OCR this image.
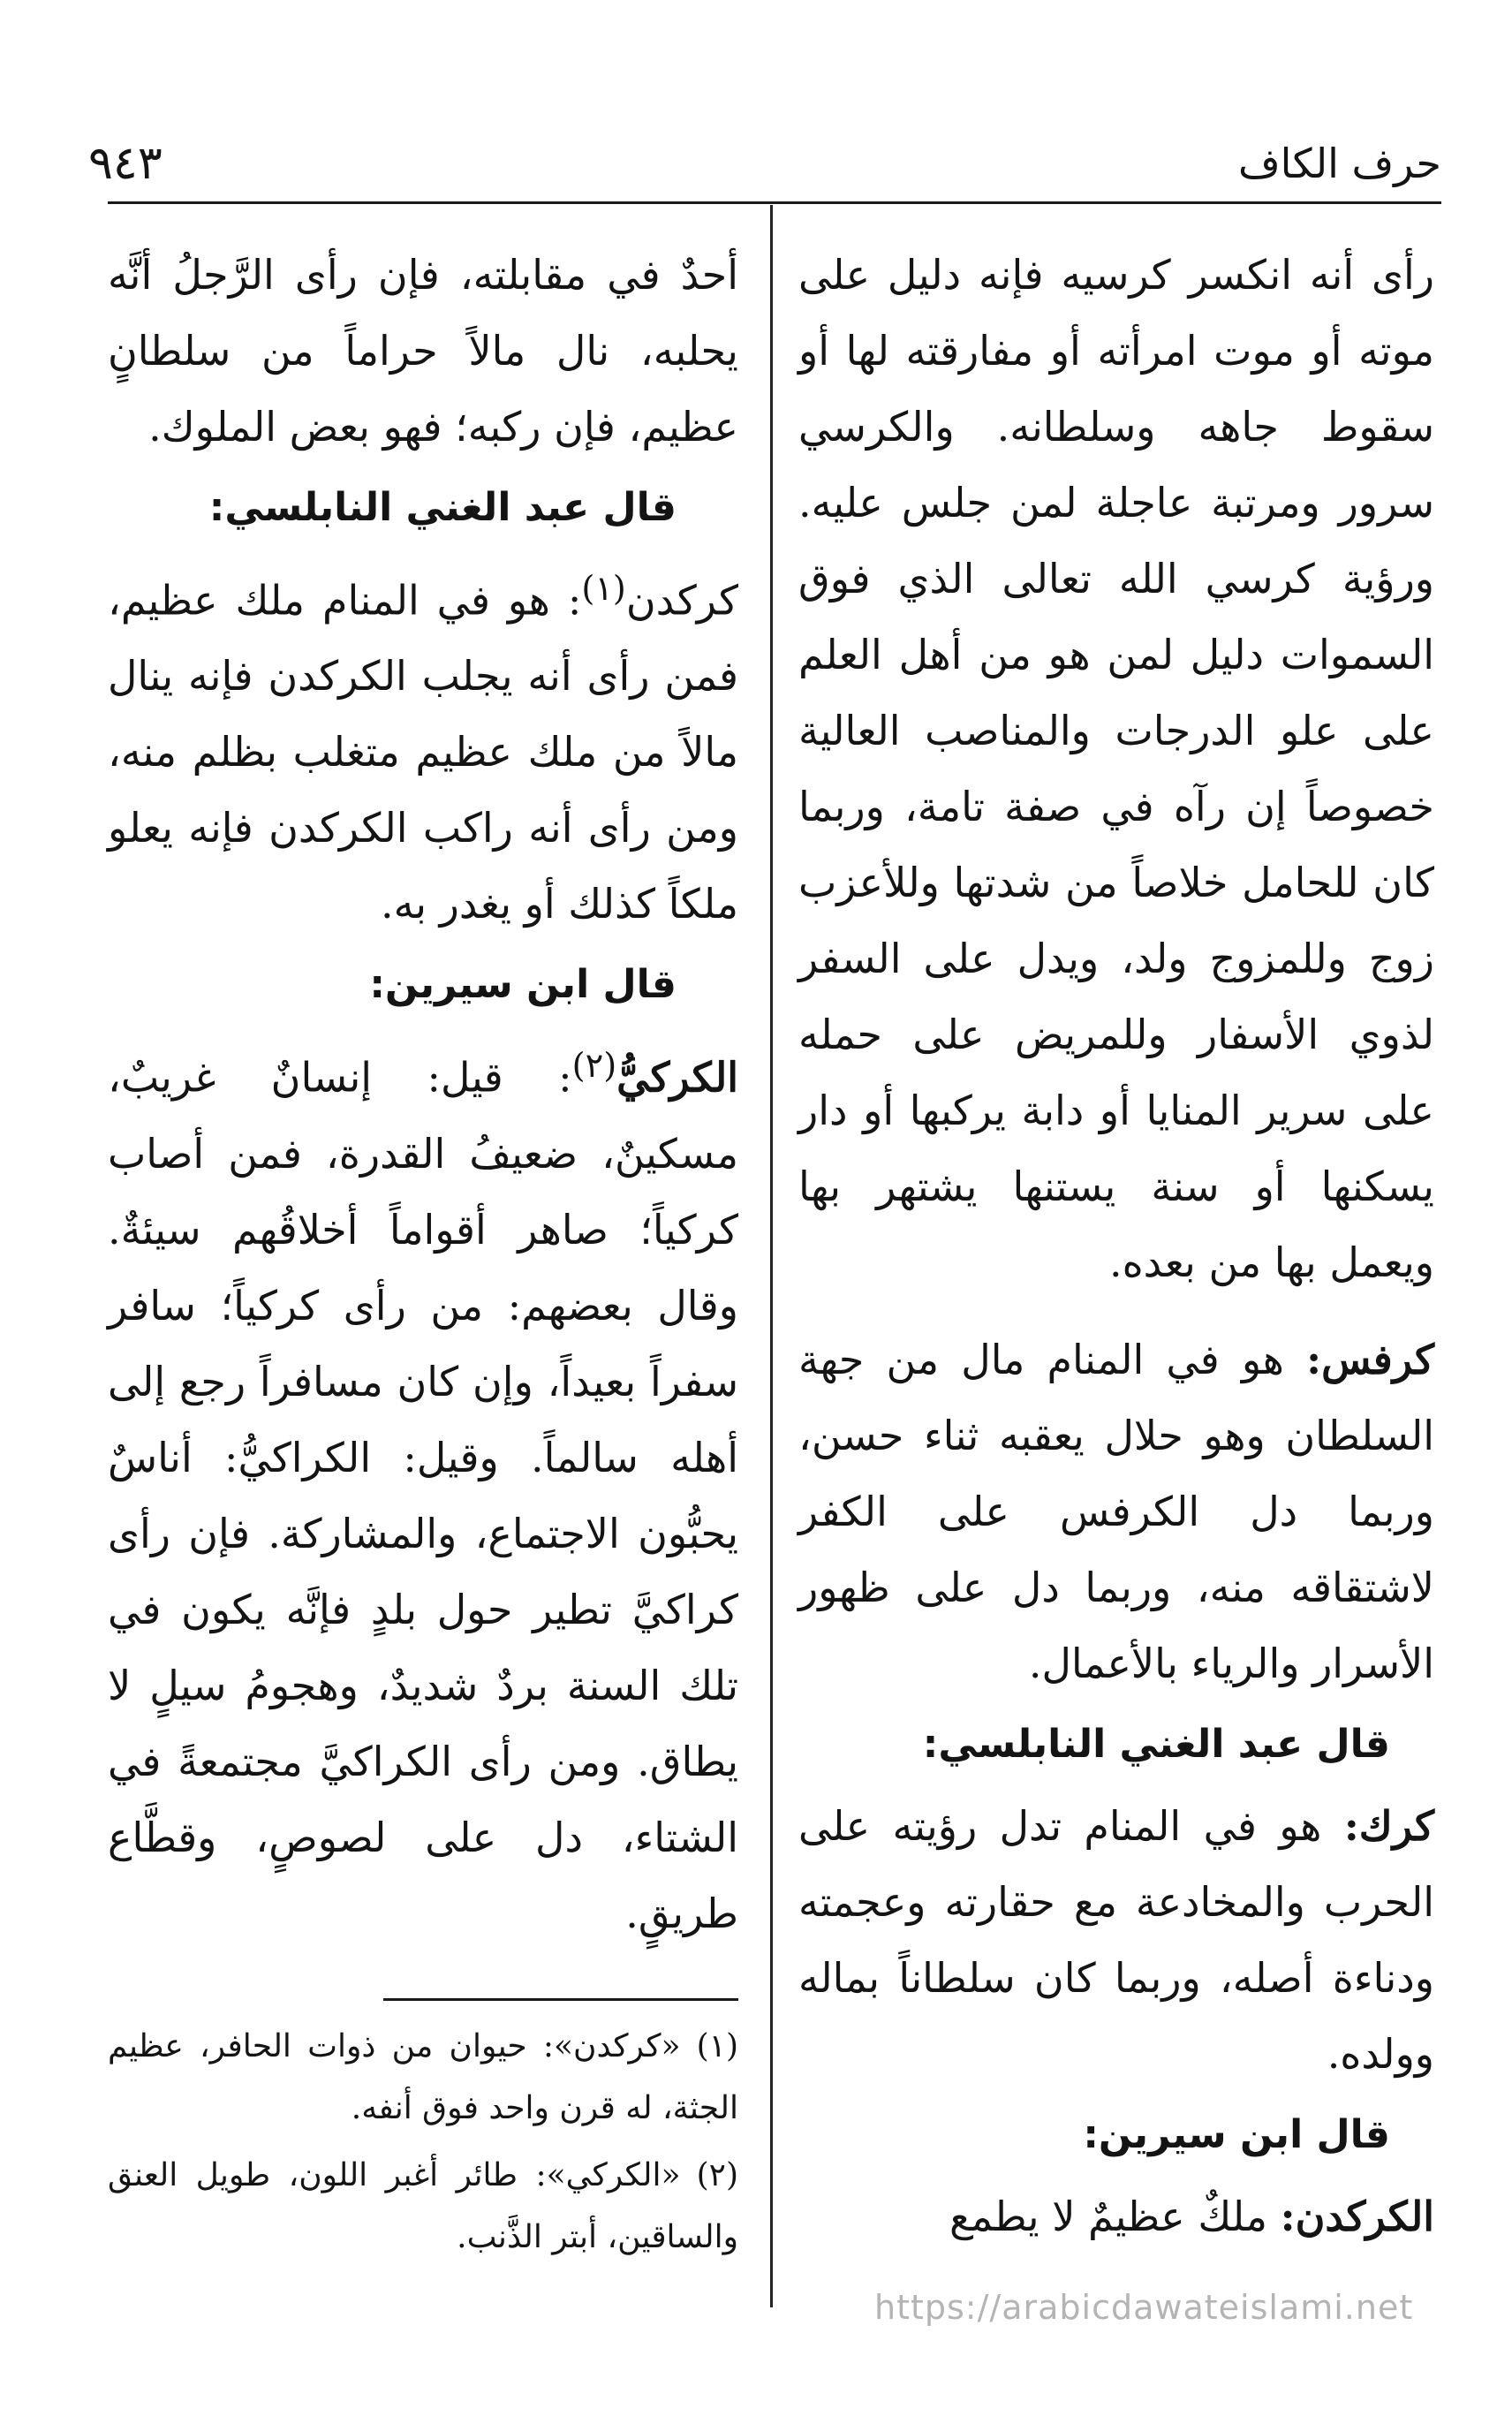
حرف الكاف
٩٤٣

رأى أنه انكسر كرسيه فإنه دليل على موته أو موت امرأته أو مفارقته لها أو سقوط جاهه وسلطانه. والكرسي سرور ومرتبة عاجلة لمن جلس عليه. ورؤية كرسي الله تعالى الذي فوق السموات دليل لمن هو من أهل العلم على علو الدرجات والمناصب العالية خصوصاً إن رآه في صفة تامة، وربما كان للحامل خلاصاً من شدتها وللأعزب زوج وللمزوج ولد، ويدل على السفر لذوي الأسفار وللمريض على حمله على سرير المنايا أو دابة يركبها أو دار يسكنها أو سنة يستنها يشتهر بها ويعمل بها من بعده.

كرفس: هو في المنام مال من جهة السلطان وهو حلال يعقبه ثناء حسن، وربما دل الكرفس على الكفر لاشتقاقه منه، وربما دل على ظهور الأسرار والرياء بالأعمال.

قال عبد الغني النابلسي:

كرك: هو في المنام تدل رؤيته على الحرب والمخادعة مع حقارته وعجمته ودناءة أصله، وربما كان سلطاناً بماله وولده.

قال ابن سيرين:

الكركدن: ملكٌ عظيمٌ لا يطمع

أحدٌ في مقابلته، فإن رأى الرَّجلُ أنَّه يحلبه، نال مالاً حراماً من سلطانٍ عظيم، فإن ركبه؛ فهو بعض الملوك.

قال عبد الغني النابلسي:

كركدن$^{(١)}$: هو في المنام ملك عظيم، فمن رأى أنه يجلب الكركدن فإنه ينال مالاً من ملك عظيم متغلب بظلم منه، ومن رأى أنه راكب الكركدن فإنه يعلو ملكاً كذلك أو يغدر به.

قال ابن سيرين:

الكركيُّ$^{(٢)}$: قيل: إنسانٌ غريبٌ، مسكينٌ، ضعيفُ القدرة، فمن أصاب كركياً؛ صاهر أقواماً أخلاقُهم سيئةٌ. وقال بعضهم: من رأى كركياً؛ سافر سفراً بعيداً، وإن كان مسافراً رجع إلى أهله سالماً. وقيل: الكراكيُّ: أناسٌ يحبُّون الاجتماع، والمشاركة. فإن رأى كراكيَّ تطير حول بلدٍ فإنَّه يكون في تلك السنة بردٌ شديدٌ، وهجومُ سيلٍ لا يطاق. ومن رأى الكراكيَّ مجتمعةً في الشتاء، دل على لصوصٍ، وقطَّاع طريقٍ.

(١)«كركدن»: حيوان من ذوات الحافر، عظيم الجثة، له قرن واحد فوق أنفه.

(٢)«الكركي»: طائر أغبر اللون، طويل العنق والساقين، أبتر الذَّنب.

https://arabicdawateislami.net
